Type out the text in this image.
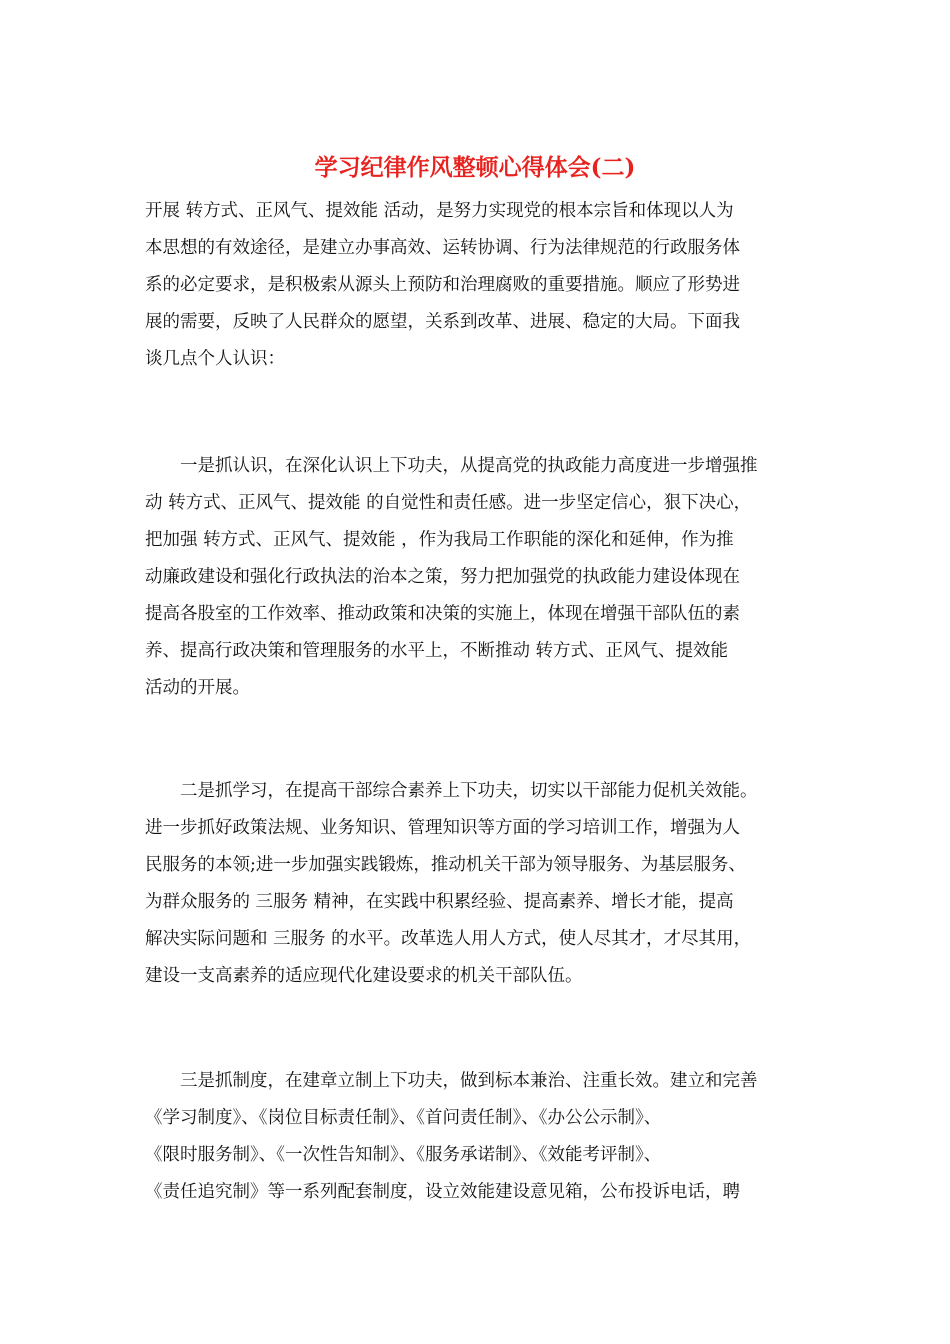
学习纪律作风整顿心得体会(二)
开展 转方式、正风气、提效能 活动，是努力实现党的根本宗旨和体现以人为
本思想的有效途径，是建立办事高效、运转协调、行为法律规范的行政服务体
系的必定要求，是积极索从源头上预防和治理腐败的重要措施。顺应了形势进
展的需要，反映了人民群众的愿望，关系到改革、进展、稳定的大局。下面我
谈几点个人认识：
　　一是抓认识，在深化认识上下功夫，从提高党的执政能力高度进一步增强推
动 转方式、正风气、提效能 的自觉性和责任感。进一步坚定信心，狠下决心，
把加强 转方式、正风气、提效能 ，作为我局工作职能的深化和延伸，作为推
动廉政建设和强化行政执法的治本之策，努力把加强党的执政能力建设体现在
提高各股室的工作效率、推动政策和决策的实施上，体现在增强干部队伍的素
养、提高行政决策和管理服务的水平上，不断推动 转方式、正风气、提效能
活动的开展。
　　二是抓学习，在提高干部综合素养上下功夫，切实以干部能力促机关效能。
进一步抓好政策法规、业务知识、管理知识等方面的学习培训工作，增强为人
民服务的本领;进一步加强实践锻炼，推动机关干部为领导服务、为基层服务、
为群众服务的 三服务 精神，在实践中积累经验、提高素养、增长才能，提高
解决实际问题和 三服务 的水平。改革选人用人方式，使人尽其才，才尽其用，
建设一支高素养的适应现代化建设要求的机关干部队伍。
　　三是抓制度，在建章立制上下功夫，做到标本兼治、注重长效。建立和完善
《学习制度》、《岗位目标责任制》、《首问责任制》、《办公公示制》、
《限时服务制》、《一次性告知制》、《服务承诺制》、《效能考评制》、
《责任追究制》等一系列配套制度，设立效能建设意见箱，公布投诉电话，聘
